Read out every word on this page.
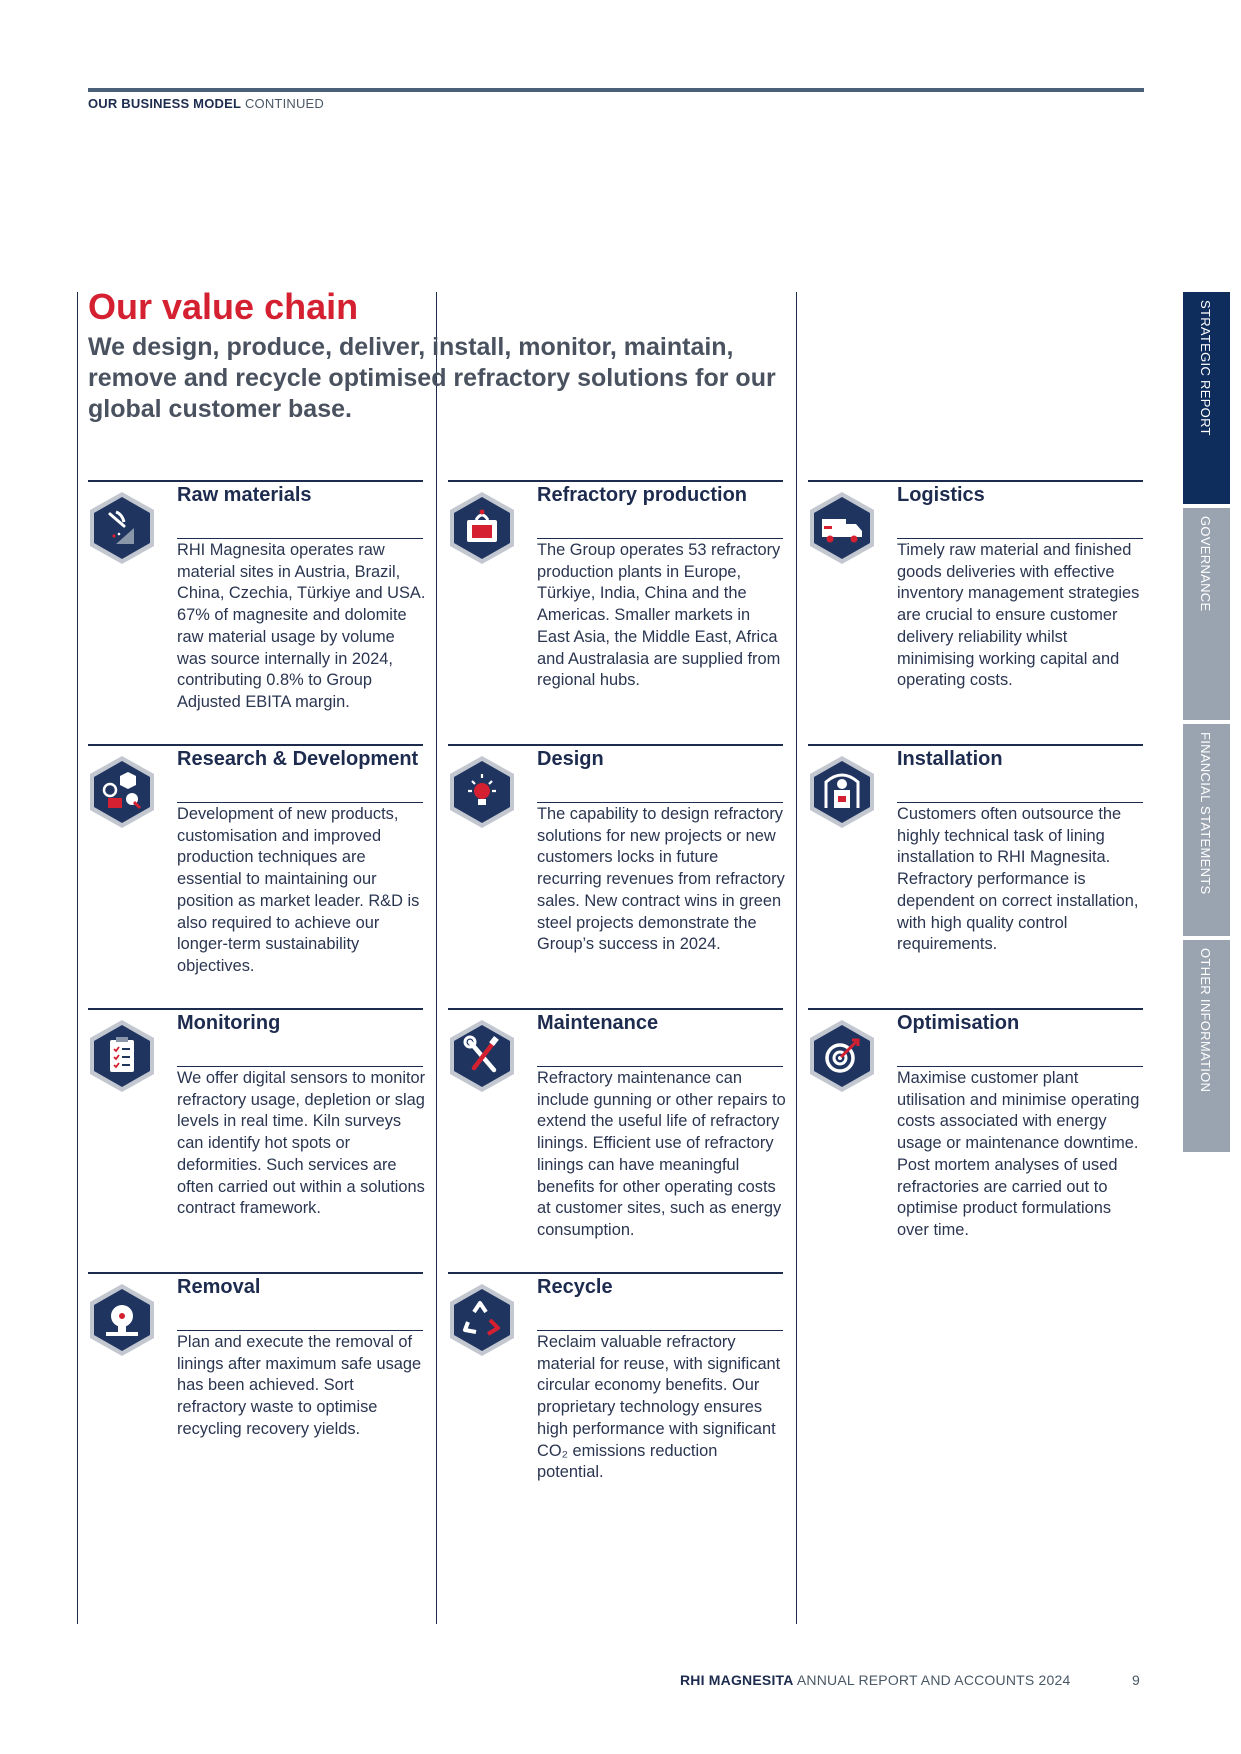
OUR BUSINESS MODEL CONTINUED
Our value chain

We design, produce, deliver, install, monitor, maintain, remove and recycle optimised refractory solutions for our global customer base.	STRATEGIC REPORT
GOVERNANCE
FINANCIAL STATEMENTS
OTHER INFORMATION
Raw materials
RHI Magnesita operates raw material sites in Austria, Brazil, China, Czechia, Türkiye and USA. 67% of magnesite and dolomite raw material usage by volume was source internally in 2024, contributing 0.8% to Group Adjusted EBITA margin.
Refractory production
The Group operates 53 refractory production plants in Europe, Türkiye, India, China and the Americas. Smaller markets in East Asia, the Middle East, Africa and Australasia are supplied from regional hubs.
Logistics
Timely raw material and finished goods deliveries with effective inventory management strategies are crucial to ensure customer delivery reliability whilst minimising working capital and operating costs.
Research & Development
Development of new products, customisation and improved production techniques are essential to maintaining our position as market leader. R&D is also required to achieve our longer-term sustainability objectives.
Design
The capability to design refractory solutions for new projects or new customers locks in future recurring revenues from refractory sales. New contract wins in green steel projects demonstrate the Group’s success in 2024.
Installation
Customers often outsource the highly technical task of lining installation to RHI Magnesita. Refractory performance is dependent on correct installation, with high quality control requirements.
Monitoring
We offer digital sensors to monitor refractory usage, depletion or slag levels in real time. Kiln surveys can identify hot spots or deformities. Such services are often carried out within a solutions contract framework.
Maintenance
Refractory maintenance can include gunning or other repairs to extend the useful life of refractory linings. Efficient use of refractory linings can have meaningful benefits for other operating costs at customer sites, such as energy consumption.
Optimisation
Maximise customer plant utilisation and minimise operating costs associated with energy usage or maintenance downtime. Post mortem analyses of used refractories are carried out to optimise product formulations over time.
Removal
Plan and execute the removal of linings after maximum safe usage has been achieved. Sort refractory waste to optimise recycling recovery yields.
Recycle
Reclaim valuable refractory material for reuse, with significant circular economy benefits. Our proprietary technology ensures high performance with significant CO₂ emissions reduction potential.
RHI MAGNESITA ANNUAL REPORT AND ACCOUNTS 2024	9
